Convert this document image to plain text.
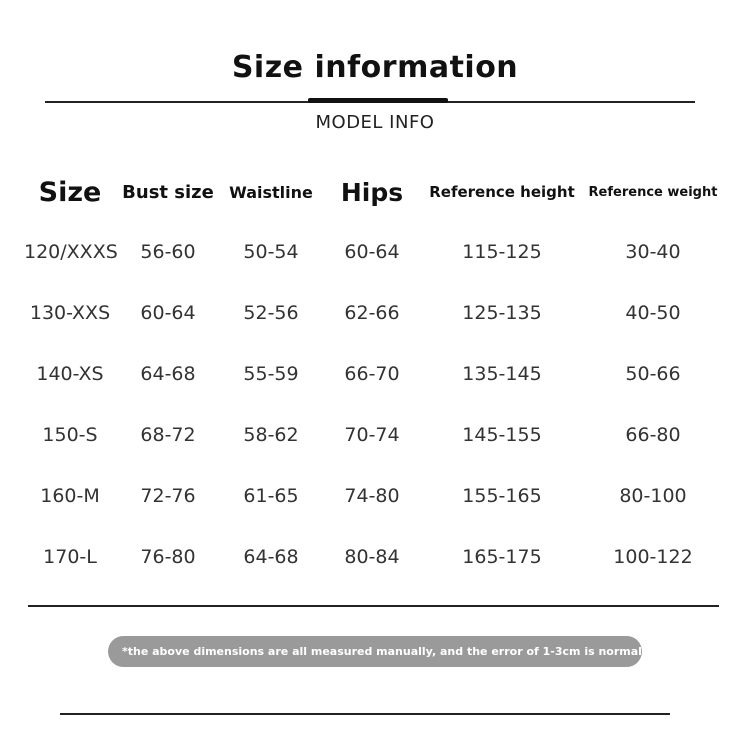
Size information
MODEL INFO
Size	Bust size	Waistline	Hips	Reference height	Reference weight
120/XXXS	56-60	50-54	60-64	115-125	30-40
130-XXS	60-64	52-56	62-66	125-135	40-50
140-XS	64-68	55-59	66-70	135-145	50-66
150-S	68-72	58-62	70-74	145-155	66-80
160-M	72-76	61-65	74-80	155-165	80-100
170-L	76-80	64-68	80-84	165-175	100-122
*the above dimensions are all measured manually, and the error of 1-3cm is normal
